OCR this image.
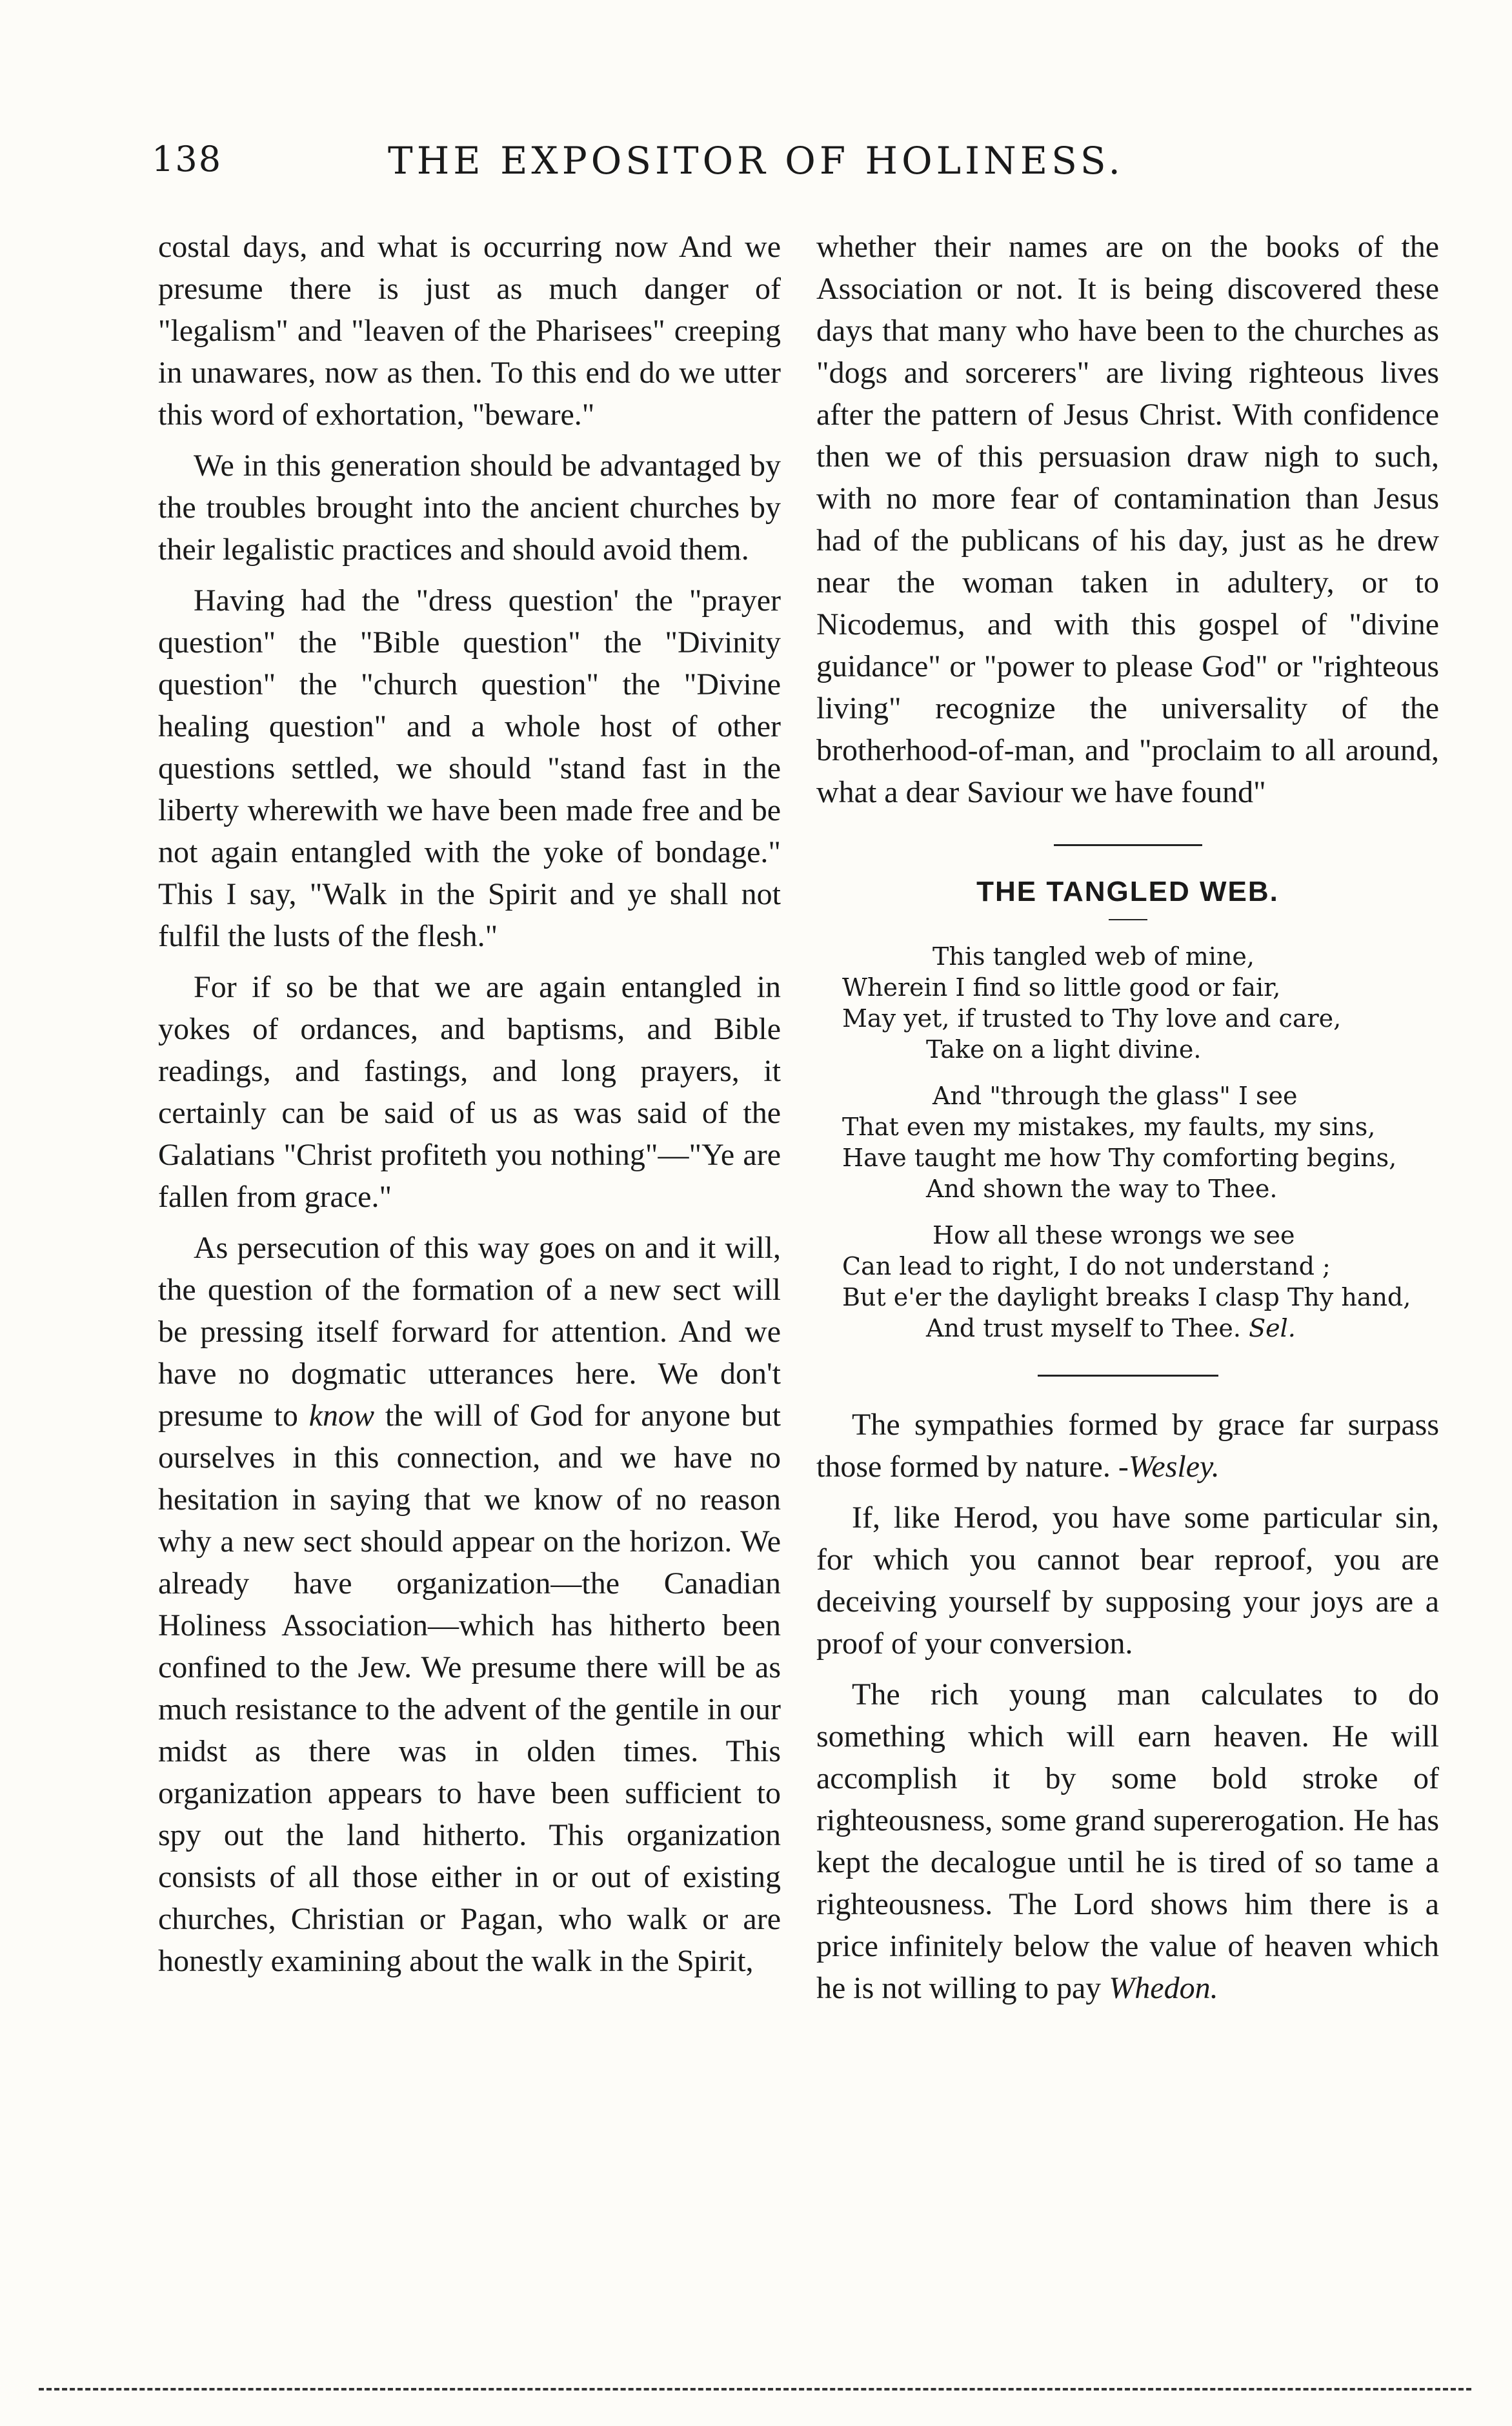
138	THE EXPOSITOR OF HOLINESS.

costal days, and what is occurring now And we presume there is just as much danger of "legalism" and "leaven of the Pharisees" creeping in unawares, now as then. To this end do we utter this word of exhortation, "beware."

We in this generation should be advantaged by the troubles brought into the ancient churches by their legalistic practices and should avoid them.

Having had the "dress question' the "prayer question" the "Bible question" the "Divinity question" the "church question" the "Divine healing question" and a whole host of other questions settled, we should "stand fast in the liberty wherewith we have been made free and be not again entangled with the yoke of bondage." This I say, "Walk in the Spirit and ye shall not fulfil the lusts of the flesh."

For if so be that we are again entangled in yokes of ordances, and baptisms, and Bible readings, and fastings, and long prayers, it certainly can be said of us as was said of the Galatians "Christ profiteth you nothing"—"Ye are fallen from grace."

As persecution of this way goes on and it will, the question of the formation of a new sect will be pressing itself forward for attention. And we have no dogmatic utterances here. We don't presume to know the will of God for anyone but ourselves in this connection, and we have no hesitation in saying that we know of no reason why a new sect should appear on the horizon. We already have organization—the Canadian Holiness Association—which has hitherto been confined to the Jew. We presume there will be as much resistance to the advent of the gentile in our midst as there was in olden times. This organization appears to have been sufficient to spy out the land hitherto. This organization consists of all those either in or out of existing churches, Christian or Pagan, who walk or are honestly examining about the walk in the Spirit,

whether their names are on the books of the Association or not. It is being discovered these days that many who have been to the churches as "dogs and sorcerers" are living righteous lives after the pattern of Jesus Christ. With confidence then we of this persuasion draw nigh to such, with no more fear of contamination than Jesus had of the publicans of his day, just as he drew near the woman taken in adultery, or to Nicodemus, and with this gospel of "divine guidance" or "power to please God" or "righteous living" recognize the universality of the brotherhood-of-man, and "proclaim to all around, what a dear Saviour we have found"

THE TANGLED WEB.
This tangled web of mine,
Wherein I find so little good or fair,
May yet, if trusted to Thy love and care,
Take on a light divine.
And "through the glass" I see
That even my mistakes, my faults, my sins,
Have taught me how Thy comforting begins,
And shown the way to Thee.
How all these wrongs we see
Can lead to right, I do not understand ;
But e'er the daylight breaks I clasp Thy hand,
And trust myself to Thee. Sel.

The sympathies formed by grace far surpass those formed by nature. -Wesley.

If, like Herod, you have some particular sin, for which you cannot bear reproof, you are deceiving yourself by supposing your joys are a proof of your conversion.

The rich young man calculates to do something which will earn heaven. He will accomplish it by some bold stroke of righteousness, some grand supererogation. He has kept the decalogue until he is tired of so tame a righteousness. The Lord shows him there is a price infinitely below the value of heaven which he is not willing to pay Whedon.
